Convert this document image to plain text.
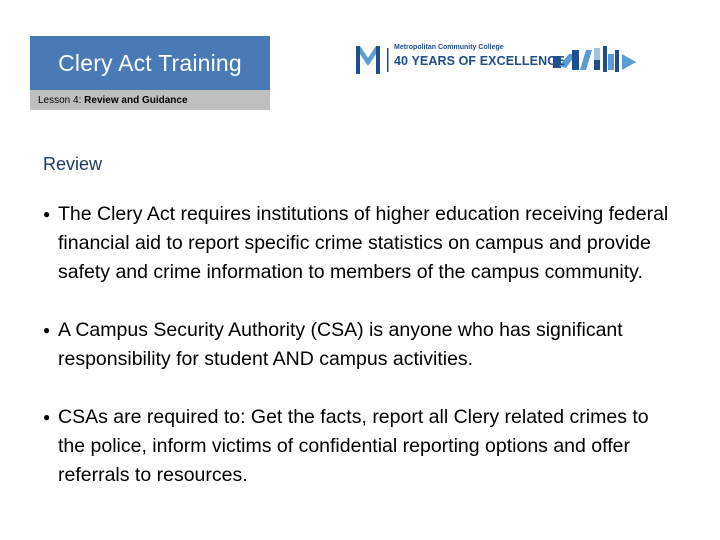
Clery Act Training
Lesson 4: Review and Guidance
Metropolitan Community College
40 YEARS OF EXCELLENCE
Review
● The Clery Act requires institutions of higher education receiving federal financial aid to report specific crime statistics on campus and provide safety and crime information to members of the campus community.
● A Campus Security Authority (CSA) is anyone who has significant responsibility for student AND campus activities.
● CSAs are required to: Get the facts, report all Clery related crimes to the police, inform victims of confidential reporting options and offer referrals to resources.
